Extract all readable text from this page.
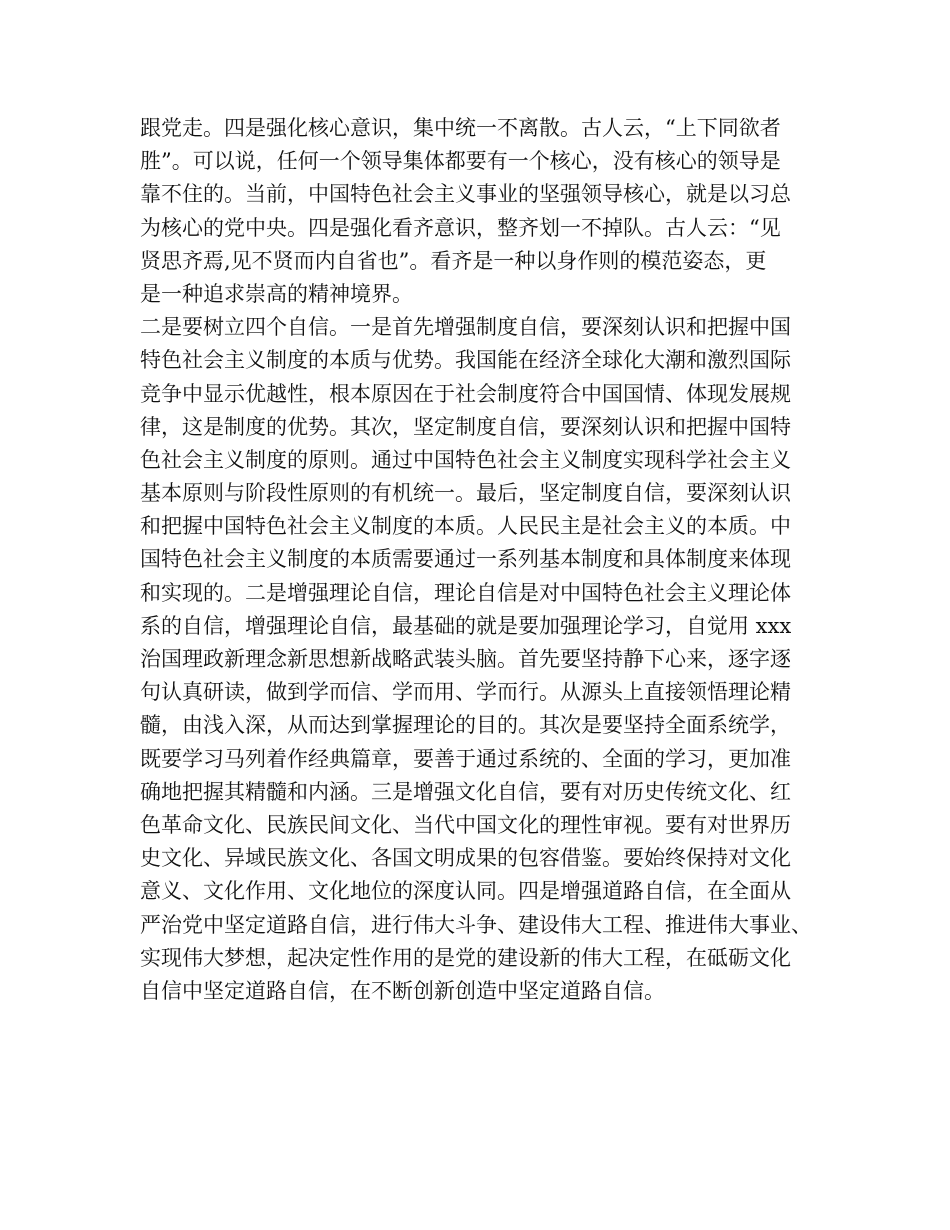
跟党走。四是强化核心意识，集中统一不离散。古人云，“上下同欲者
胜”。可以说，任何一个领导集体都要有一个核心，没有核心的领导是
靠不住的。当前，中国特色社会主义事业的坚强领导核心，就是以习总
为核心的党中央。四是强化看齐意识，整齐划一不掉队。古人云：“见
贤思齐焉,见不贤而内自省也”。看齐是一种以身作则的模范姿态，更
是一种追求崇高的精神境界。
二是要树立四个自信。一是首先增强制度自信，要深刻认识和把握中国
特色社会主义制度的本质与优势。我国能在经济全球化大潮和激烈国际
竞争中显示优越性，根本原因在于社会制度符合中国国情、体现发展规
律，这是制度的优势。其次，坚定制度自信，要深刻认识和把握中国特
色社会主义制度的原则。通过中国特色社会主义制度实现科学社会主义
基本原则与阶段性原则的有机统一。最后，坚定制度自信，要深刻认识
和把握中国特色社会主义制度的本质。人民民主是社会主义的本质。中
国特色社会主义制度的本质需要通过一系列基本制度和具体制度来体现
和实现的。二是增强理论自信，理论自信是对中国特色社会主义理论体
系的自信，增强理论自信，最基础的就是要加强理论学习，自觉用 xxx
治国理政新理念新思想新战略武装头脑。首先要坚持静下心来，逐字逐
句认真研读，做到学而信、学而用、学而行。从源头上直接领悟理论精
髓，由浅入深，从而达到掌握理论的目的。其次是要坚持全面系统学，
既要学习马列着作经典篇章，要善于通过系统的、全面的学习，更加准
确地把握其精髓和内涵。三是增强文化自信，要有对历史传统文化、红
色革命文化、民族民间文化、当代中国文化的理性审视。要有对世界历
史文化、异域民族文化、各国文明成果的包容借鉴。要始终保持对文化
意义、文化作用、文化地位的深度认同。四是增强道路自信，在全面从
严治党中坚定道路自信，进行伟大斗争、建设伟大工程、推进伟大事业、
实现伟大梦想，起决定性作用的是党的建设新的伟大工程，在砥砺文化
自信中坚定道路自信，在不断创新创造中坚定道路自信。
